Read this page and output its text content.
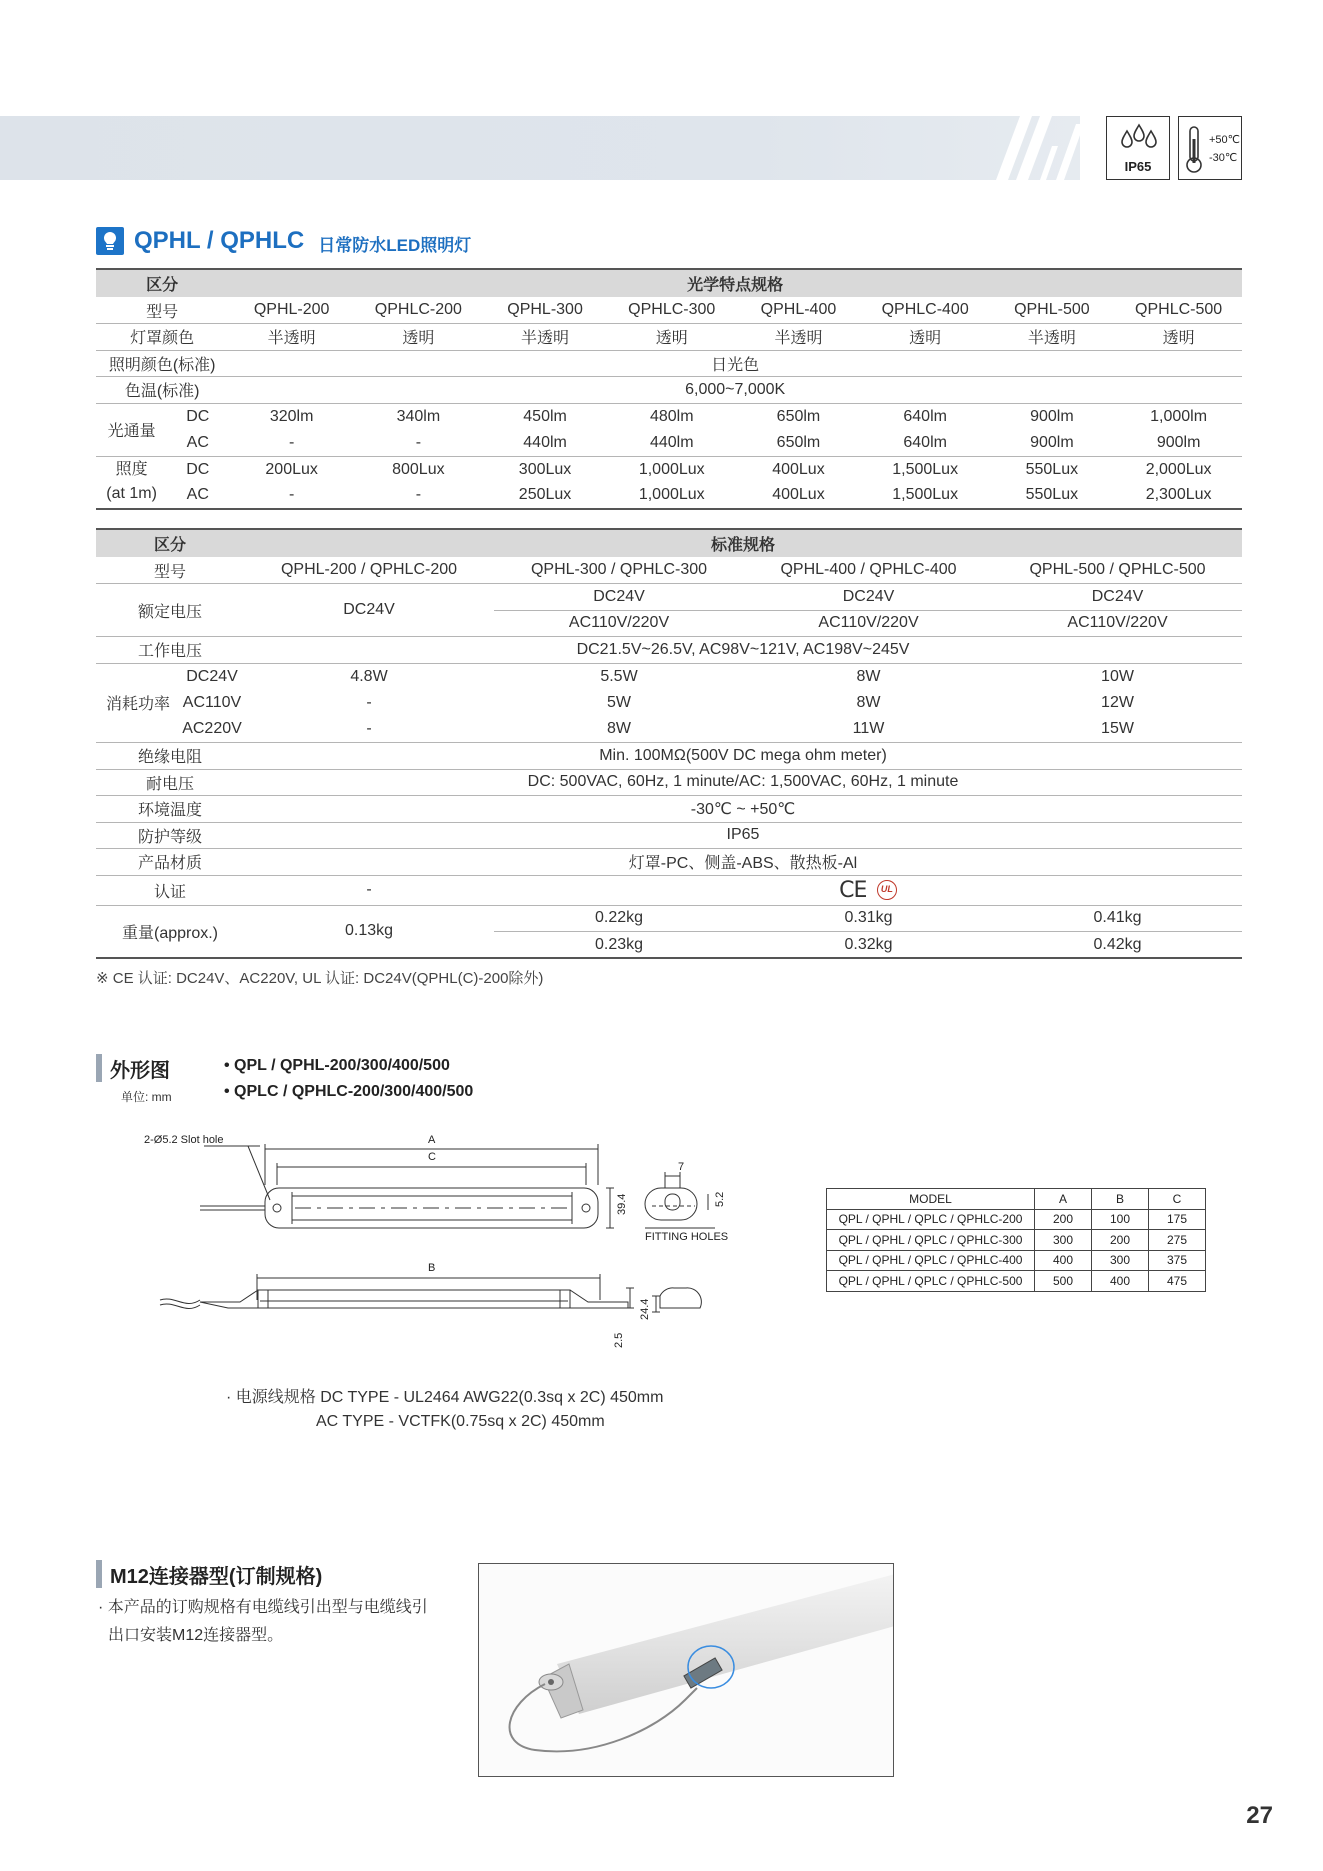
IP65
+50℃
-30℃
QPHL / QPHLC 日常防水LED照明灯
区分		光学特点规格							
型号		QPHL-200	QPHLC-200	QPHL-300	QPHLC-300	QPHL-400	QPHLC-400	QPHL-500	QPHLC-500
灯罩颜色		半透明	透明	半透明	透明	半透明	透明	半透明	透明
照明颜色(标准)		日光色							
色温(标准)		6,000~7,000K							
光通量	DC	320lm	340lm	450lm	480lm	650lm	640lm	900lm	1,000lm
	AC	-	-	440lm	440lm	650lm	640lm	900lm	900lm
照度
(at 1m)	DC	200Lux	800Lux	300Lux	1,000Lux	400Lux	1,500Lux	550Lux	2,000Lux
	AC	-	-	250Lux	1,000Lux	400Lux	1,500Lux	550Lux	2,300Lux
区分		标准规格			
型号		QPHL-200 / QPHLC-200	QPHL-300 / QPHLC-300	QPHL-400 / QPHLC-400	QPHL-500 / QPHLC-500
额定电压		DC24V	DC24V	DC24V	DC24V
			AC110V/220V	AC110V/220V	AC110V/220V
工作电压		DC21.5V~26.5V, AC98V~121V, AC198V~245V			
消耗功率	DC24V	4.8W	5.5W	8W	10W
	AC110V	-	5W	8W	12W
	AC220V	-	8W	11W	15W
绝缘电阻		Min. 100MΩ(500V DC mega ohm meter)			
耐电压		DC: 500VAC, 60Hz, 1 minute/AC: 1,500VAC, 60Hz, 1 minute			
环境温度		-30℃ ~ +50℃			
防护等级		IP65			
产品材质		灯罩-PC、侧盖-ABS、散热板-Al			
认证		-	CE UL		
重量(approx.)		0.13kg	0.22kg	0.31kg	0.41kg
			0.23kg	0.32kg	0.42kg
※ CE 认证: DC24V、AC220V, UL 认证: DC24V(QPHL(C)-200除外)
外形图
单位: mm
• QPL / QPHL-200/300/400/500
• QPLC / QPHLC-200/300/400/500
2-Ø5.2 Slot hole	A
C
B
7
FITTING HOLES
39.4	5.2
24.4
2.5
MODEL	A	B	C
QPL / QPHL / QPLC / QPHLC-200	200	100	175
QPL / QPHL / QPLC / QPHLC-300	300	200	275
QPL / QPHL / QPLC / QPHLC-400	400	300	375
QPL / QPHL / QPLC / QPHLC-500	500	400	475
· 电源线规格 DC TYPE - UL2464 AWG22(0.3sq x 2C) 450mm
AC TYPE - VCTFK(0.75sq x 2C) 450mm
M12连接器型(订制规格)
· 本产品的订购规格有电缆线引出型与电缆线引
出口安装M12连接器型。
27
